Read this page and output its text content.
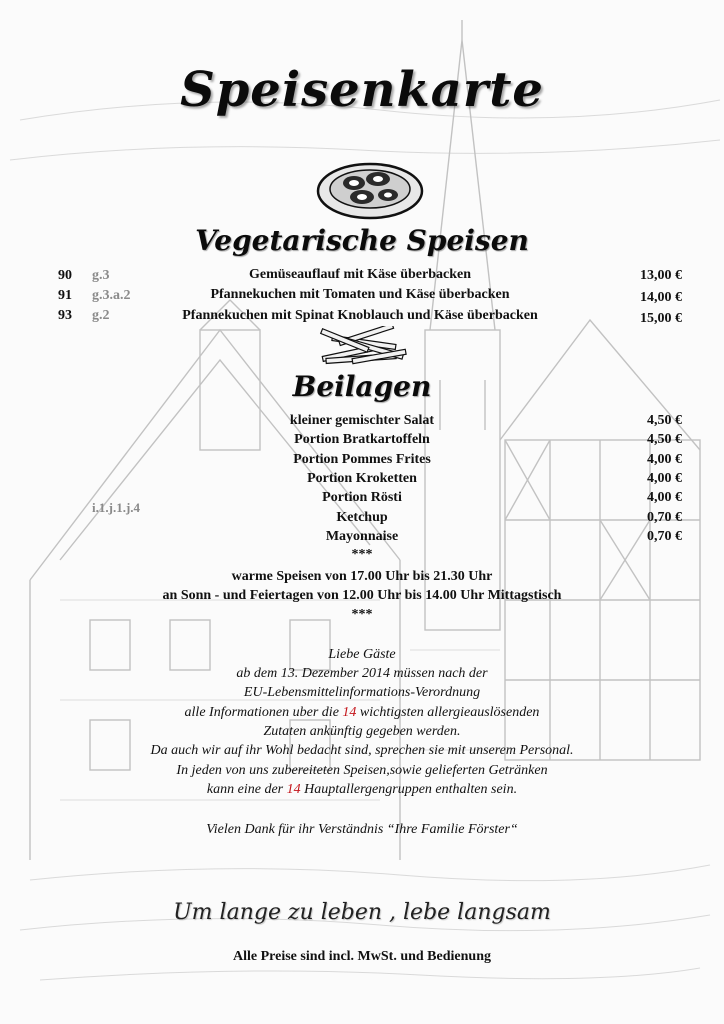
Speisenkarte
Vegetarische Speisen
90	g.3	Gemüseauflauf mit Käse überbacken	13,00 €
91	g.3.a.2	Pfannekuchen mit Tomaten und Käse überbacken	14,00 €
93	g.2	Pfannekuchen mit Spinat Knoblauch und Käse überbacken	15,00 €
Beilagen
kleiner gemischter Salat	4,50 €
Portion Bratkartoffeln	4,50 €
Portion Pommes Frites	4,00 €
Portion Kroketten	4,00 €
Portion Rösti	4,00 €
Ketchup	0,70 €
Mayonnaise	0,70 €
i.1.j.1.j.4
***
warme Speisen von 17.00 Uhr bis 21.30 Uhr
an Sonn - und Feiertagen von 12.00 Uhr bis 14.00 Uhr Mittagstisch
***
Liebe Gäste
ab dem 13. Dezember 2014 müssen nach der
EU-Lebensmittelinformations-Verordnung
alle Informationen uber die 14 wichtigsten allergieauslösenden
Zutaten ankünftig gegeben werden.
Da auch wir auf ihr Wohl bedacht sind, sprechen sie mit unserem Personal.
In jeden von uns zubereiteten Speisen,sowie gelieferten Getränken
kann eine der 14 Hauptallergengruppen enthalten sein.
Vielen Dank für ihr Verständnis “Ihre Familie Förster“
Um lange zu leben , lebe langsam
Alle Preise sind incl. MwSt. und Bedienung
